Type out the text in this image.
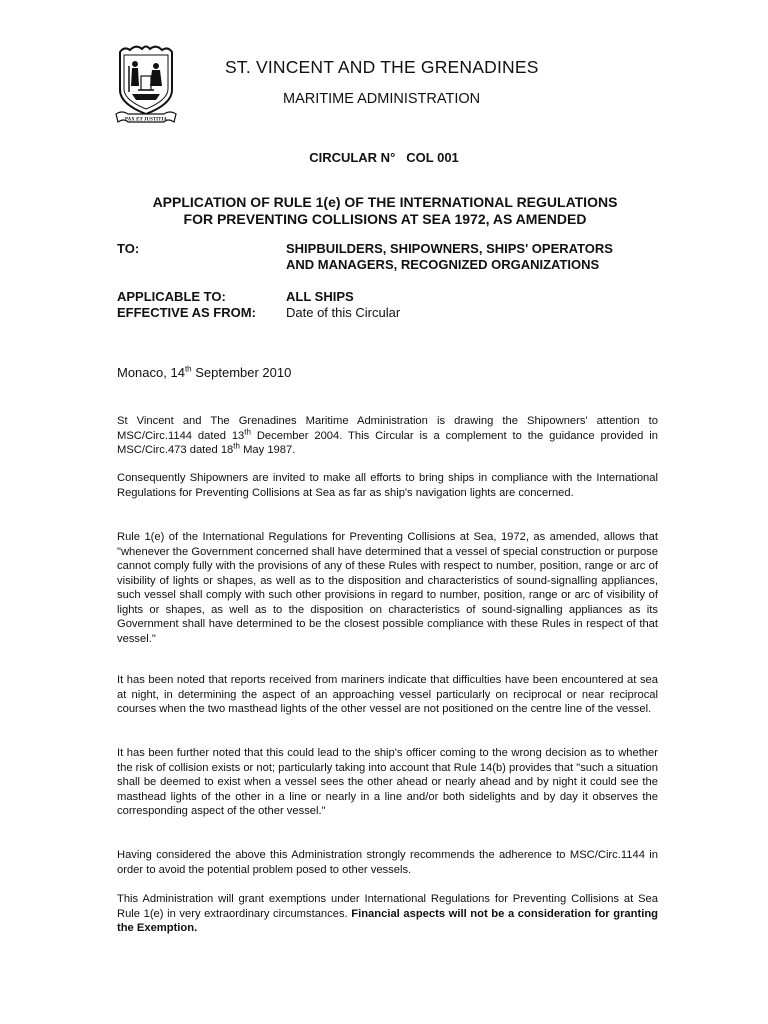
PAX ET JUSTITIA
ST. VINCENT AND THE GRENADINES
MARITIME ADMINISTRATION
CIRCULAR N° COL 001
APPLICATION OF RULE 1(e) OF THE INTERNATIONAL REGULATIONS
FOR PREVENTING COLLISIONS AT SEA 1972, AS AMENDED
TO:	SHIPBUILDERS, SHIPOWNERS, SHIPS' OPERATORS
AND MANAGERS, RECOGNIZED ORGANIZATIONS
APPLICABLE TO:	ALL SHIPS
EFFECTIVE AS FROM: Date of this Circular
Monaco, 14th September 2010

St Vincent and The Grenadines Maritime Administration is drawing the Shipowners' attention to MSC/Circ.1144 dated 13th December 2004. This Circular is a complement to the guidance provided in MSC/Circ.473 dated 18th May 1987.

Consequently Shipowners are invited to make all efforts to bring ships in compliance with the International Regulations for Preventing Collisions at Sea as far as ship's navigation lights are concerned.

Rule 1(e) of the International Regulations for Preventing Collisions at Sea, 1972, as amended, allows that "whenever the Government concerned shall have determined that a vessel of special construction or purpose cannot comply fully with the provisions of any of these Rules with respect to number, position, range or arc of visibility of lights or shapes, as well as to the disposition and characteristics of sound-signalling appliances, such vessel shall comply with such other provisions in regard to number, position, range or arc of visibility of lights or shapes, as well as to the disposition on characteristics of sound-signalling appliances as its Government shall have determined to be the closest possible compliance with these Rules in respect of that vessel."

It has been noted that reports received from mariners indicate that difficulties have been encountered at sea at night, in determining the aspect of an approaching vessel particularly on reciprocal or near reciprocal courses when the two masthead lights of the other vessel are not positioned on the centre line of the vessel.

It has been further noted that this could lead to the ship's officer coming to the wrong decision as to whether the risk of collision exists or not; particularly taking into account that Rule 14(b) provides that "such a situation shall be deemed to exist when a vessel sees the other ahead or nearly ahead and by night it could see the masthead lights of the other in a line or nearly in a line and/or both sidelights and by day it observes the corresponding aspect of the other vessel."

Having considered the above this Administration strongly recommends the adherence to MSC/Circ.1144 in order to avoid the potential problem posed to other vessels.

This Administration will grant exemptions under International Regulations for Preventing Collisions at Sea Rule 1(e) in very extraordinary circumstances. Financial aspects will not be a consideration for granting the Exemption.
